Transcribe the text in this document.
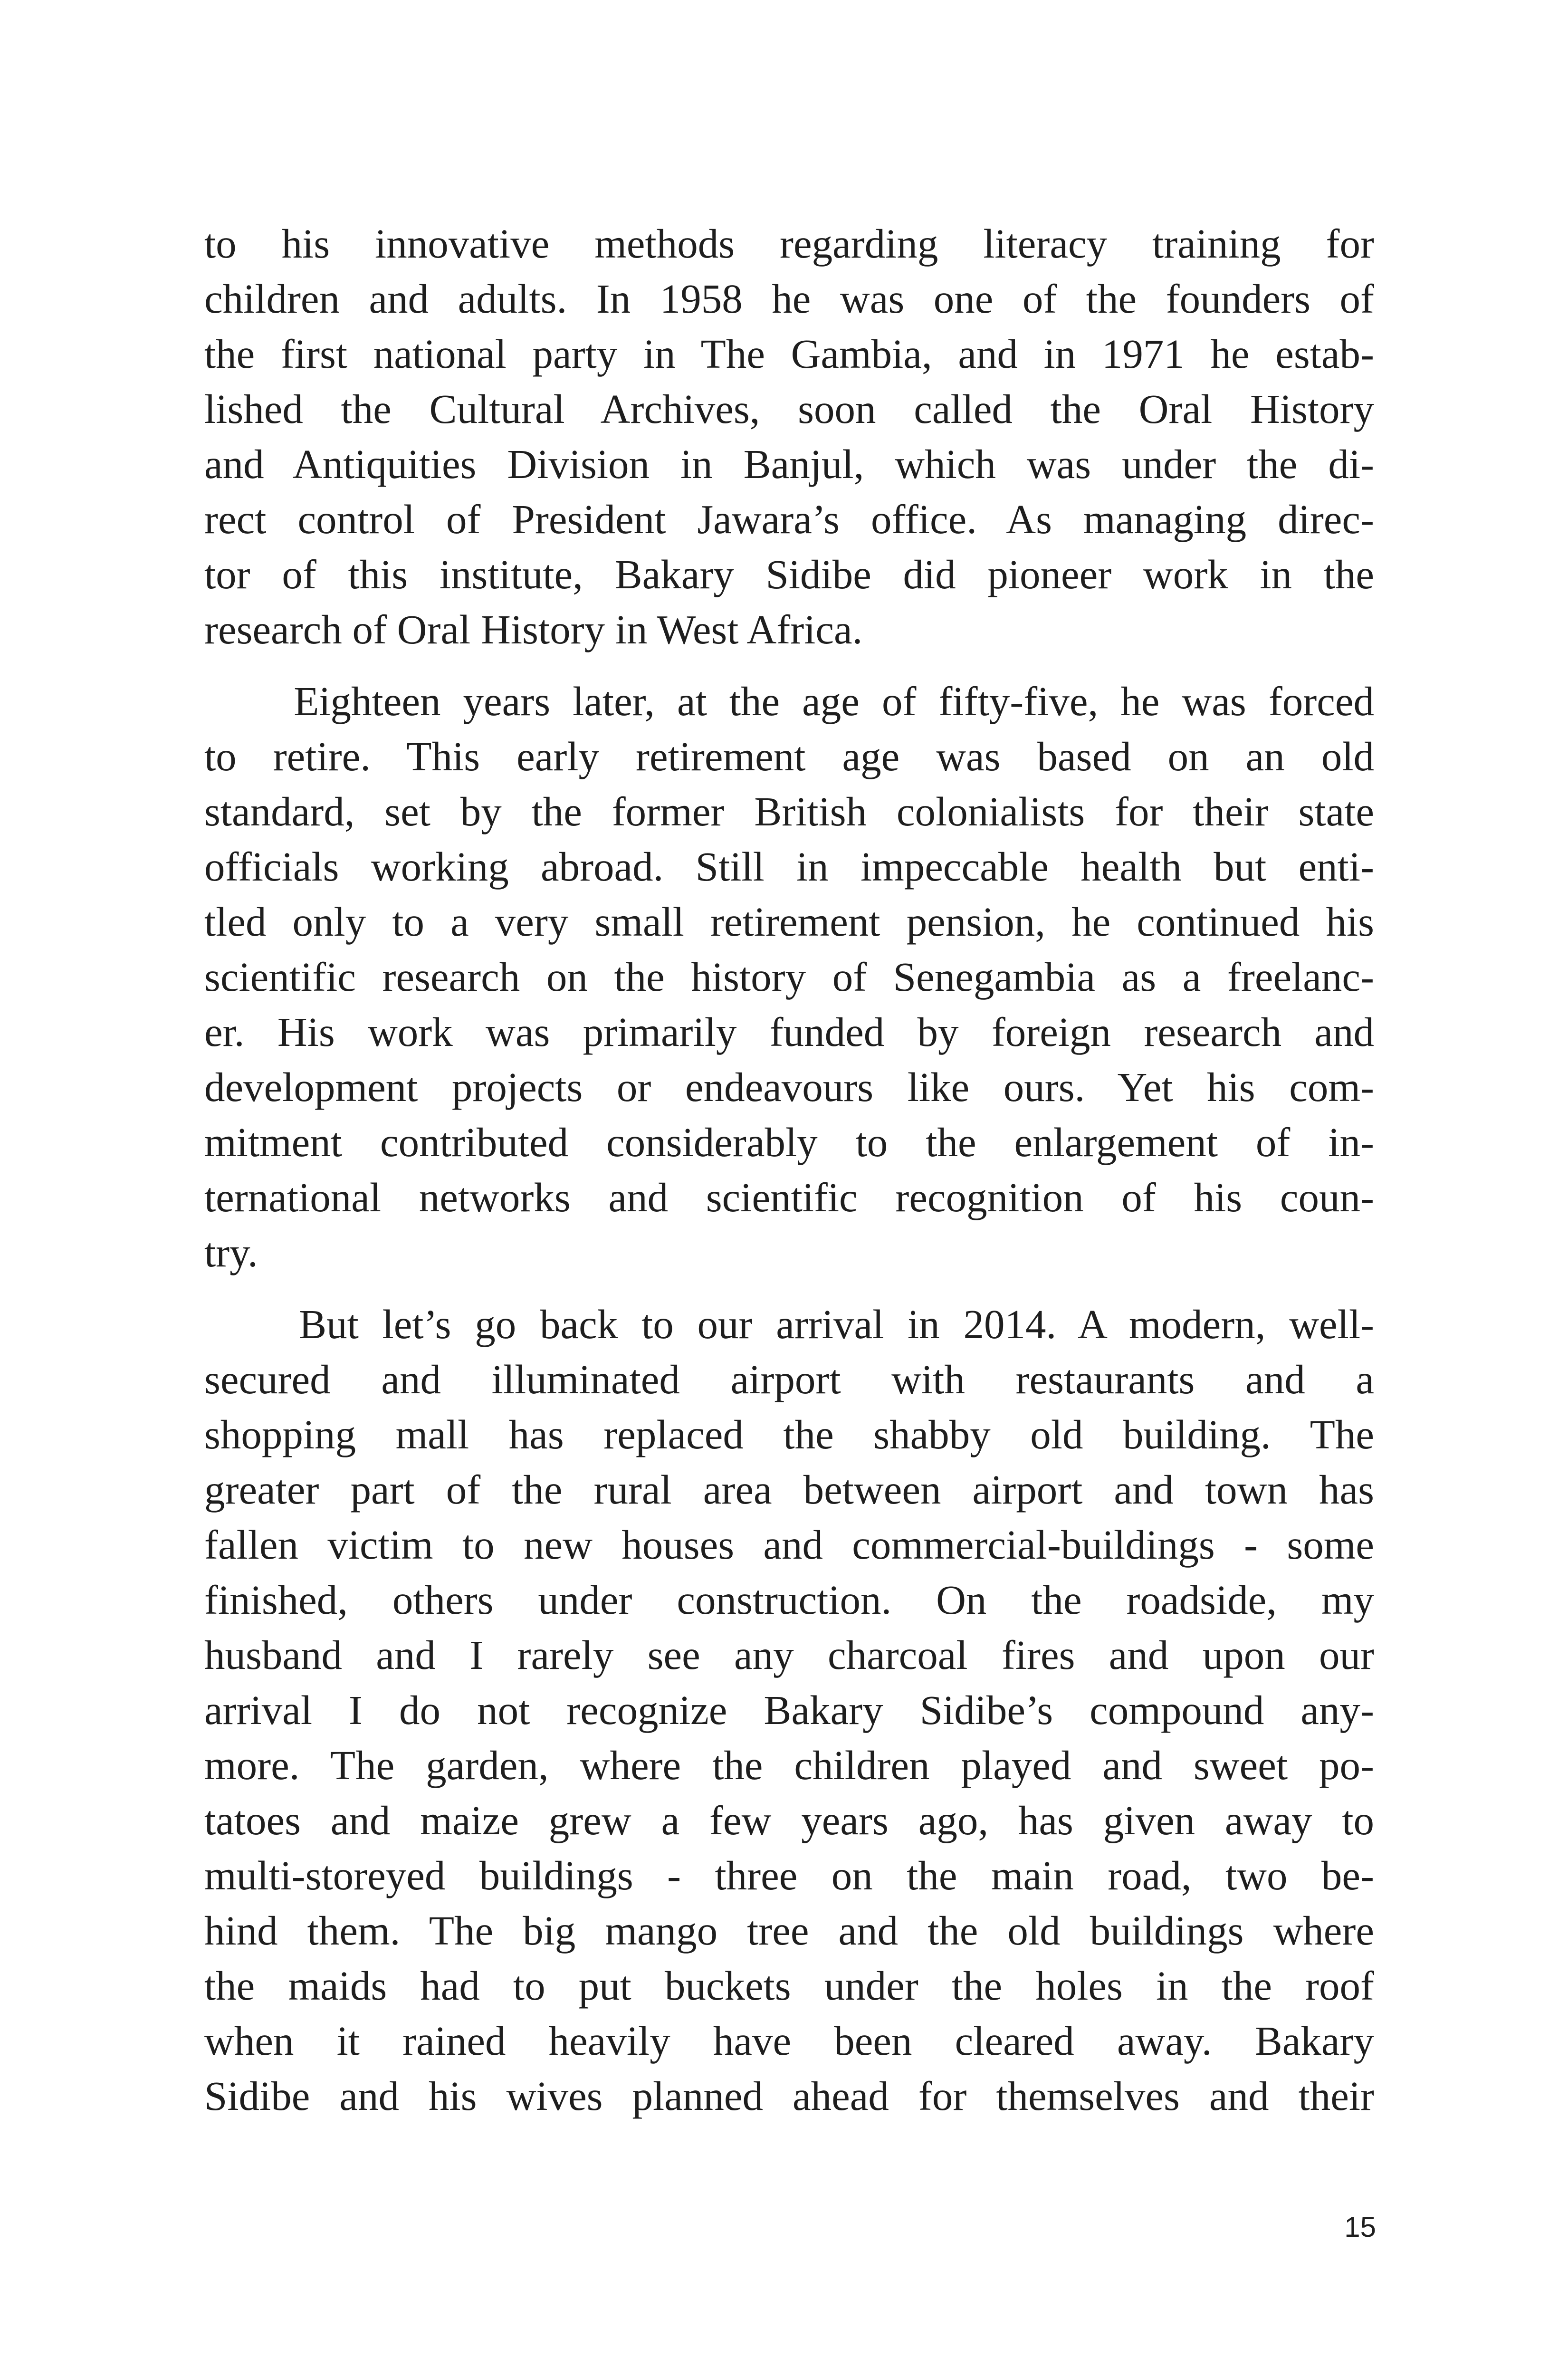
to his innovative methods regarding literacy training for
children and adults. In 1958 he was one of the founders of
the first national party in The Gambia, and in 1971 he estab-
lished the Cultural Archives, soon called the Oral History
and Antiquities Division in Banjul, which was under the di-
rect control of President Jawara’s office. As managing direc-
tor of this institute, Bakary Sidibe did pioneer work in the
research of Oral History in West Africa.

Eighteen years later, at the age of fifty-five, he was forced
to retire. This early retirement age was based on an old
standard, set by the former British colonialists for their state
officials working abroad. Still in impeccable health but enti-
tled only to a very small retirement pension, he continued his
scientific research on the history of Senegambia as a freelanc-
er. His work was primarily funded by foreign research and
development projects or endeavours like ours. Yet his com-
mitment contributed considerably to the enlargement of in-
ternational networks and scientific recognition of his coun-
try.

But let’s go back to our arrival in 2014. A modern, well-
secured and illuminated airport with restaurants and a
shopping mall has replaced the shabby old building. The
greater part of the rural area between airport and town has
fallen victim to new houses and commercial-buildings - some
finished, others under construction. On the roadside, my
husband and I rarely see any charcoal fires and upon our
arrival I do not recognize Bakary Sidibe’s compound any-
more. The garden, where the children played and sweet po-
tatoes and maize grew a few years ago, has given away to
multi-storeyed buildings - three on the main road, two be-
hind them. The big mango tree and the old buildings where
the maids had to put buckets under the holes in the roof
when it rained heavily have been cleared away. Bakary
Sidibe and his wives planned ahead for themselves and their

15
